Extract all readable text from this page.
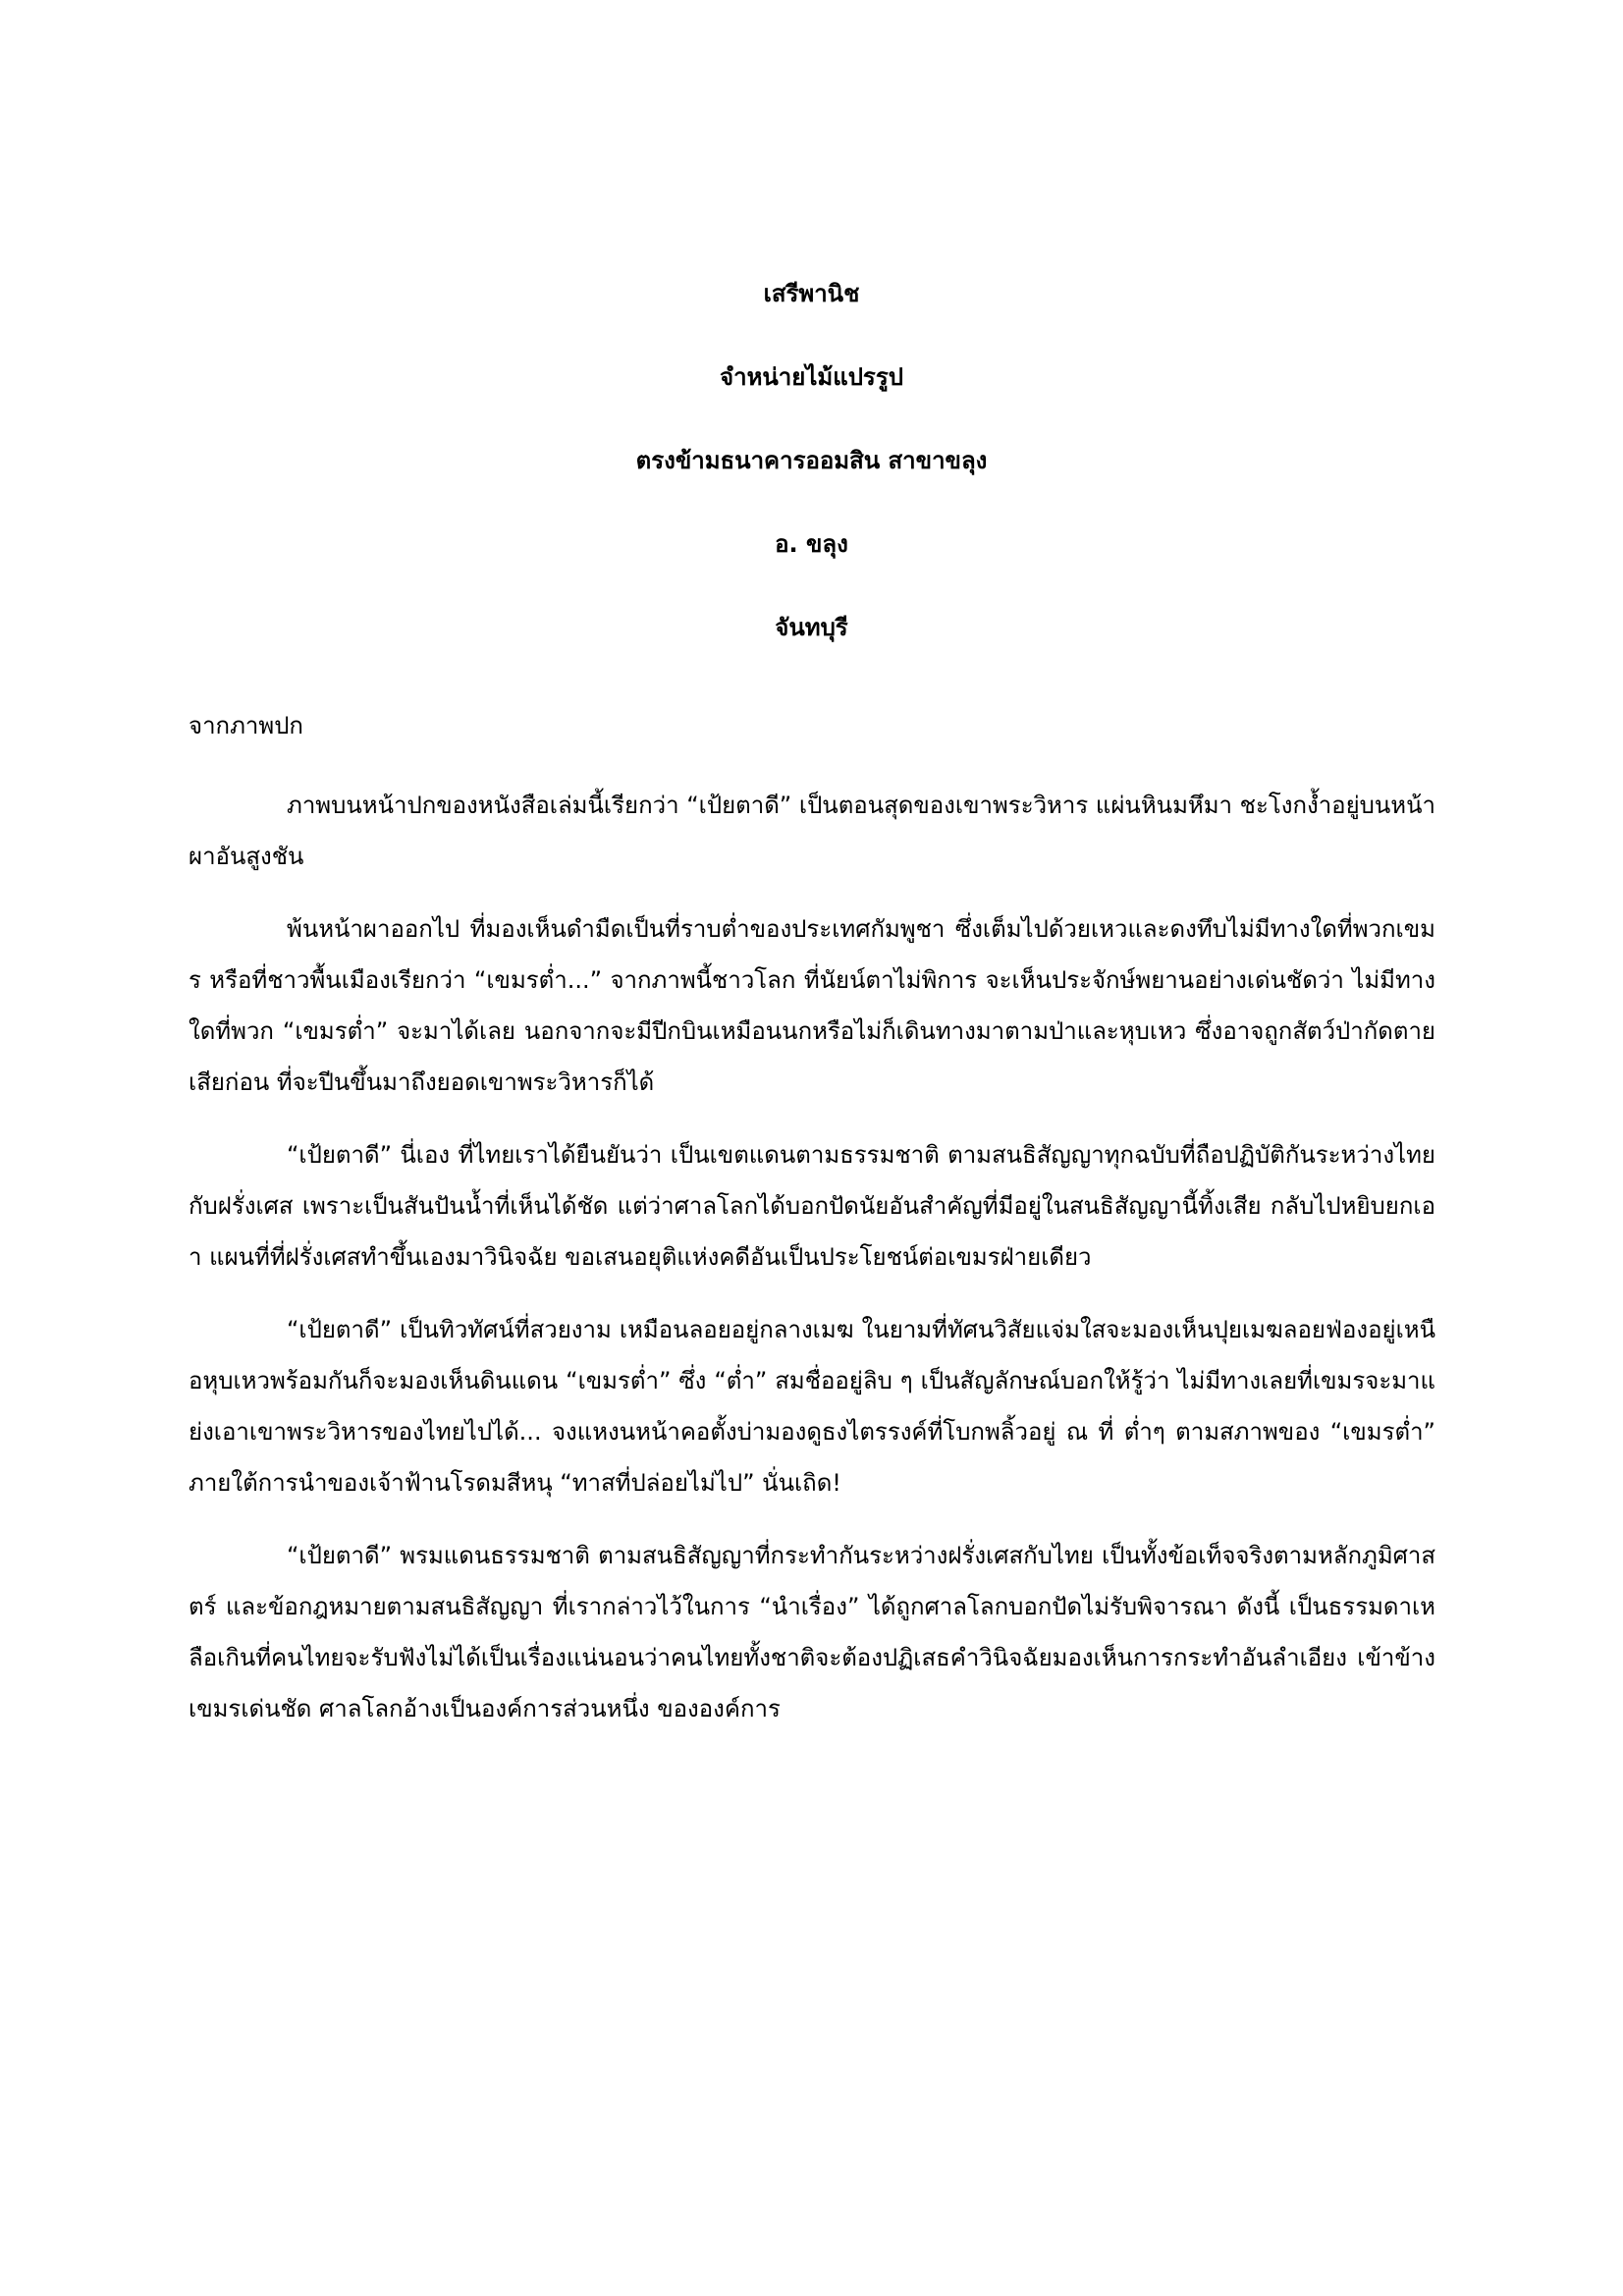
เสรีพานิช
จำหน่ายไม้แปรรูป
ตรงข้ามธนาคารออมสิน สาขาขลุง
อ. ขลุง
จันทบุรี
จากภาพปก

ภาพบนหน้าปกของหนังสือเล่มนี้เรียกว่า “เป้ยตาดี” เป็นตอนสุดของเขาพระวิหาร แผ่นหินมหึมา ชะโงกง้ำอยู่บนหน้าผาอันสูงชัน

พ้นหน้าผาออกไป ที่มองเห็นดำมืดเป็นที่ราบต่ำของประเทศกัมพูชา ซึ่งเต็มไปด้วยเหวและดงทึบไม่มีทางใดที่พวกเขมร หรือที่ชาวพื้นเมืองเรียกว่า “เขมรต่ำ...” จากภาพนี้ชาวโลก ที่นัยน์ตาไม่พิการ จะเห็นประจักษ์พยานอย่างเด่นชัดว่า ไม่มีทางใดที่พวก “เขมรต่ำ” จะมาได้เลย นอกจากจะมีปีกบินเหมือนนกหรือไม่ก็เดินทางมาตามป่าและหุบเหว ซึ่งอาจถูกสัตว์ป่ากัดตายเสียก่อน ที่จะปีนขึ้นมาถึงยอดเขาพระวิหารก็ได้

“เป้ยตาดี” นี่เอง ที่ไทยเราได้ยืนยันว่า เป็นเขตแดนตามธรรมชาติ ตามสนธิสัญญาทุกฉบับที่ถือปฏิบัติกันระหว่างไทยกับฝรั่งเศส เพราะเป็นสันปันน้ำที่เห็นได้ชัด แต่ว่าศาลโลกได้บอกปัดนัยอันสำคัญที่มีอยู่ในสนธิสัญญานี้ทิ้งเสีย กลับไปหยิบยกเอา แผนที่ที่ฝรั่งเศสทำขึ้นเองมาวินิจฉัย ขอเสนอยุติแห่งคดีอันเป็นประโยชน์ต่อเขมรฝ่ายเดียว

“เป้ยตาดี” เป็นทิวทัศน์ที่สวยงาม เหมือนลอยอยู่กลางเมฆ ในยามที่ทัศนวิสัยแจ่มใสจะมองเห็นปุยเมฆลอยฟ่องอยู่เหนือหุบเหวพร้อมกันก็จะมองเห็นดินแดน “เขมรต่ำ” ซึ่ง “ต่ำ” สมชื่ออยู่ลิบ ๆ เป็นสัญลักษณ์บอกให้รู้ว่า ไม่มีทางเลยที่เขมรจะมาแย่งเอาเขาพระวิหารของไทยไปได้... จงแหงนหน้าคอตั้งบ่ามองดูธงไตรรงค์ที่โบกพลิ้วอยู่ ณ ที่ ต่ำๆ ตามสภาพของ “เขมรต่ำ” ภายใต้การนำของเจ้าฟ้านโรดมสีหนุ “ทาสที่ปล่อยไม่ไป” นั่นเถิด!

“เป้ยตาดี” พรมแดนธรรมชาติ ตามสนธิสัญญาที่กระทำกันระหว่างฝรั่งเศสกับไทย เป็นทั้งข้อเท็จจริงตามหลักภูมิศาสตร์ และข้อกฎหมายตามสนธิสัญญา ที่เรากล่าวไว้ในการ “นำเรื่อง” ได้ถูกศาลโลกบอกปัดไม่รับพิจารณา ดังนี้ เป็นธรรมดาเหลือเกินที่คนไทยจะรับฟังไม่ได้เป็นเรื่องแน่นอนว่าคนไทยทั้งชาติจะต้องปฏิเสธคำวินิจฉัยมองเห็นการกระทำอันลำเอียง เข้าข้างเขมรเด่นชัด ศาลโลกอ้างเป็นองค์การส่วนหนึ่ง ขององค์การ
